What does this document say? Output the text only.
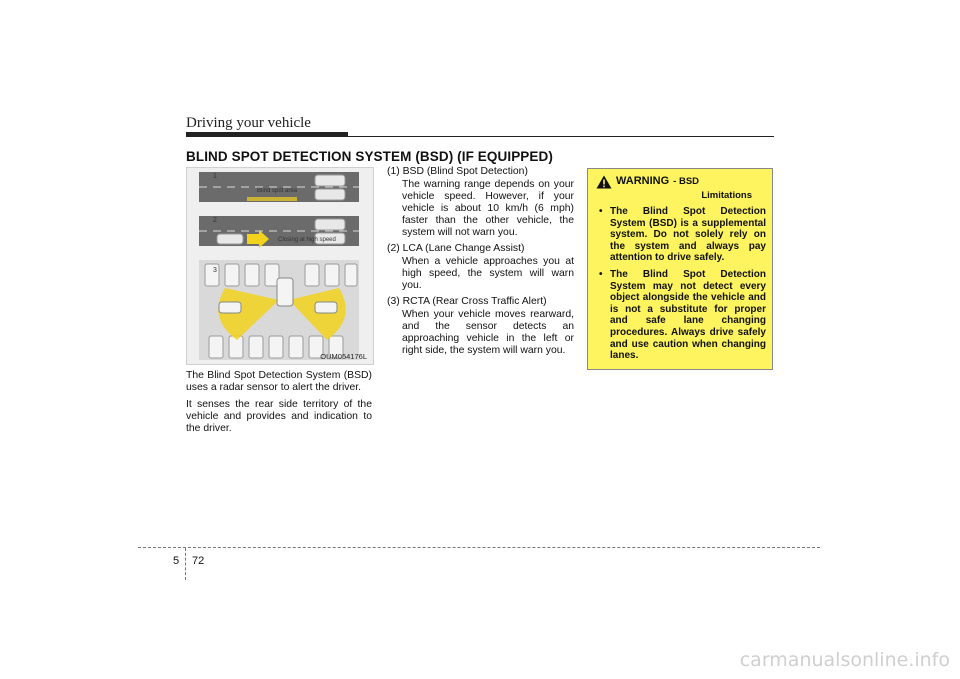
Driving your vehicle
BLIND SPOT DETECTION SYSTEM (BSD) (IF EQUIPPED)
Blind spot area
1
Closing at high speed
2
3
OUM054176L

The Blind Spot Detection System (BSD) uses a radar sensor to alert the driver.

It senses the rear side territory of the vehicle and provides and indication to the driver.

(1) BSD (Blind Spot Detection)
The warning range depends on your vehicle speed. However, if your vehicle is about 10 km/h (6 mph) faster than the other vehicle, the system will not warn you.
(2) LCA (Lane Change Assist)
When a vehicle approaches you at high speed, the system will warn you.
(3) RCTA (Rear Cross Traffic Alert)
When your vehicle moves rearward, and the sensor detects an approaching vehicle in the left or right side, the system will warn you.
WARNING - BSD
Limitations
• The Blind Spot Detection System (BSD) is a supplemental system. Do not solely rely on the system and always pay attention to drive safely.
• The Blind Spot Detection System may not detect every object alongside the vehicle and is not a substitute for proper and safe lane changing procedures. Always drive safely and use caution when changing lanes.
5 72
carmanualsonline.info
